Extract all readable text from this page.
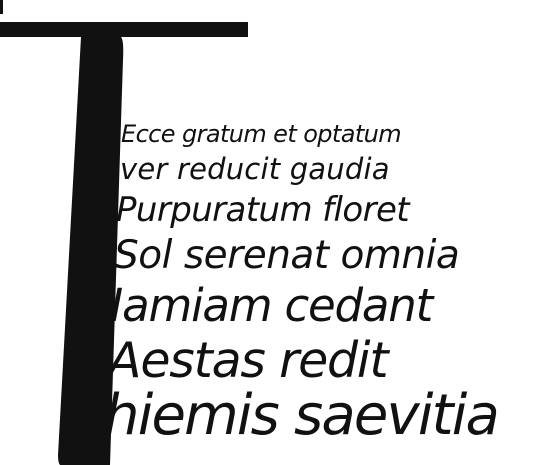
Ecce gratum et optatum
ver reducit gaudia
Purpuratum floret
Sol serenat omnia
Iamiam cedant
Aestas redit
hiemis saevitia
